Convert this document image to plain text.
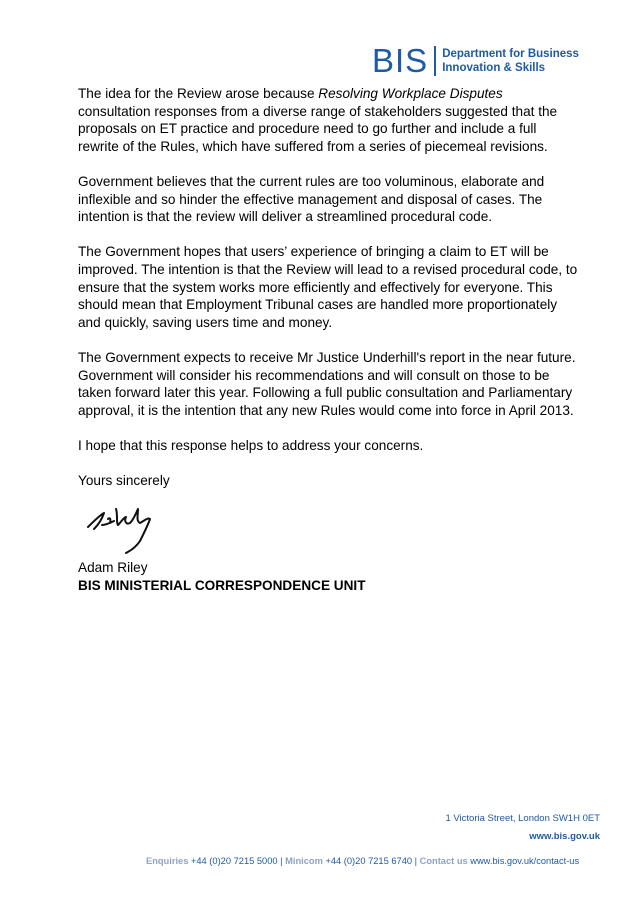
BIS Department for Business
Innovation & Skills

The idea for the Review arose because Resolving Workplace Disputes consultation responses from a diverse range of stakeholders suggested that the proposals on ET practice and procedure need to go further and include a full rewrite of the Rules, which have suffered from a series of piecemeal revisions.

Government believes that the current rules are too voluminous, elaborate and inflexible and so hinder the effective management and disposal of cases. The intention is that the review will deliver a streamlined procedural code.

The Government hopes that users’ experience of bringing a claim to ET will be improved. The intention is that the Review will lead to a revised procedural code, to ensure that the system works more efficiently and effectively for everyone. This should mean that Employment Tribunal cases are handled more proportionately and quickly, saving users time and money.

The Government expects to receive Mr Justice Underhill's report in the near future. Government will consider his recommendations and will consult on those to be taken forward later this year. Following a full public consultation and Parliamentary approval, it is the intention that any new Rules would come into force in April 2013.

I hope that this response helps to address your concerns.

Yours sincerely

Adam Riley
BIS MINISTERIAL CORRESPONDENCE UNIT
1 Victoria Street, London SW1H 0ET
www.bis.gov.uk
Enquiries +44 (0)20 7215 5000 | Minicom +44 (0)20 7215 6740 | Contact us www.bis.gov.uk/contact-us
